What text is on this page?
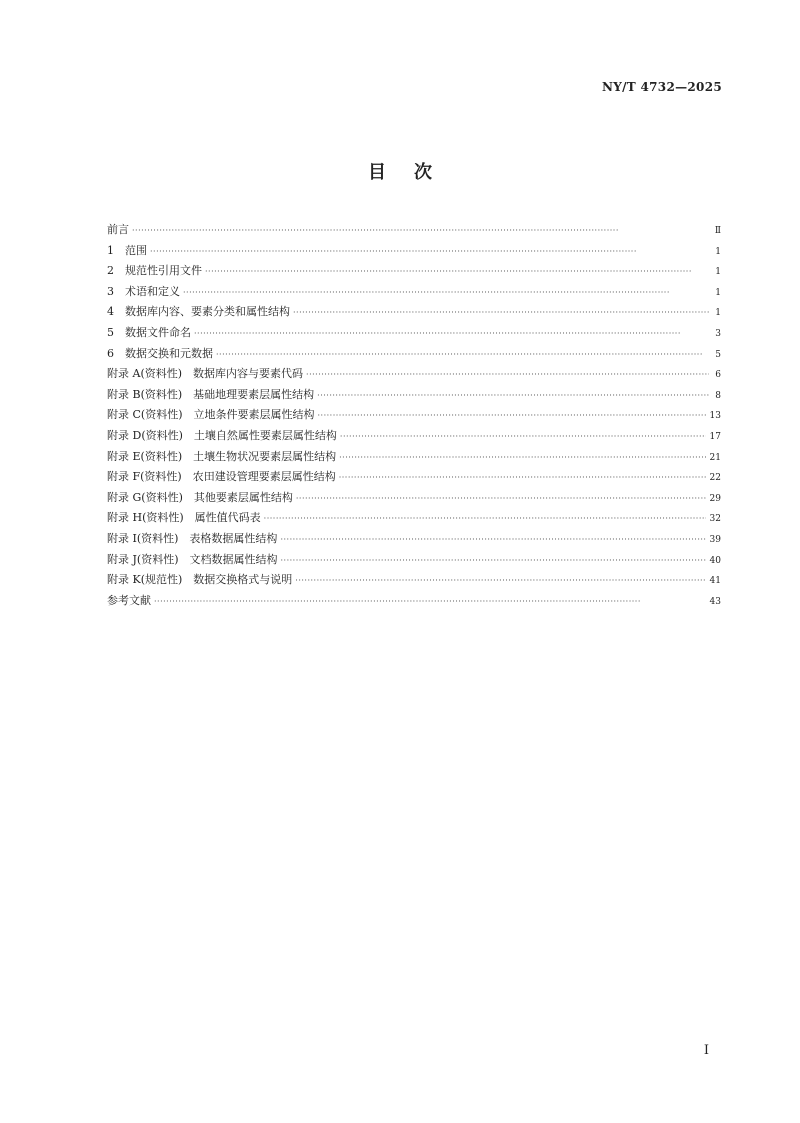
NY/T 4732—2025
目次
前言 ·····	Ⅱ
1　范围 ·····	1
2　规范性引用文件 ·····	1
3　术语和定义 ·····	1
4　数据库内容、要素分类和属性结构 ·····	1
5　数据文件命名 ·····	3
6　数据交换和元数据 ·····	5
附录 A(资料性)　数据库内容与要素代码 ·····	6
附录 B(资料性)　基础地理要素层属性结构 ·····	8
附录 C(资料性)　立地条件要素层属性结构 ·····	13
附录 D(资料性)　土壤自然属性要素层属性结构 ·····	17
附录 E(资料性)　土壤生物状况要素层属性结构 ·····	21
附录 F(资料性)　农田建设管理要素层属性结构 ·····	22
附录 G(资料性)　其他要素层属性结构 ·····	29
附录 H(资料性)　属性值代码表 ·····	32
附录 I(资料性)　表格数据属性结构 ·····	39
附录 J(资料性)　文档数据属性结构 ·····	40
附录 K(规范性)　数据交换格式与说明 ·····	41
参考文献 ·····	43
Ⅰ
